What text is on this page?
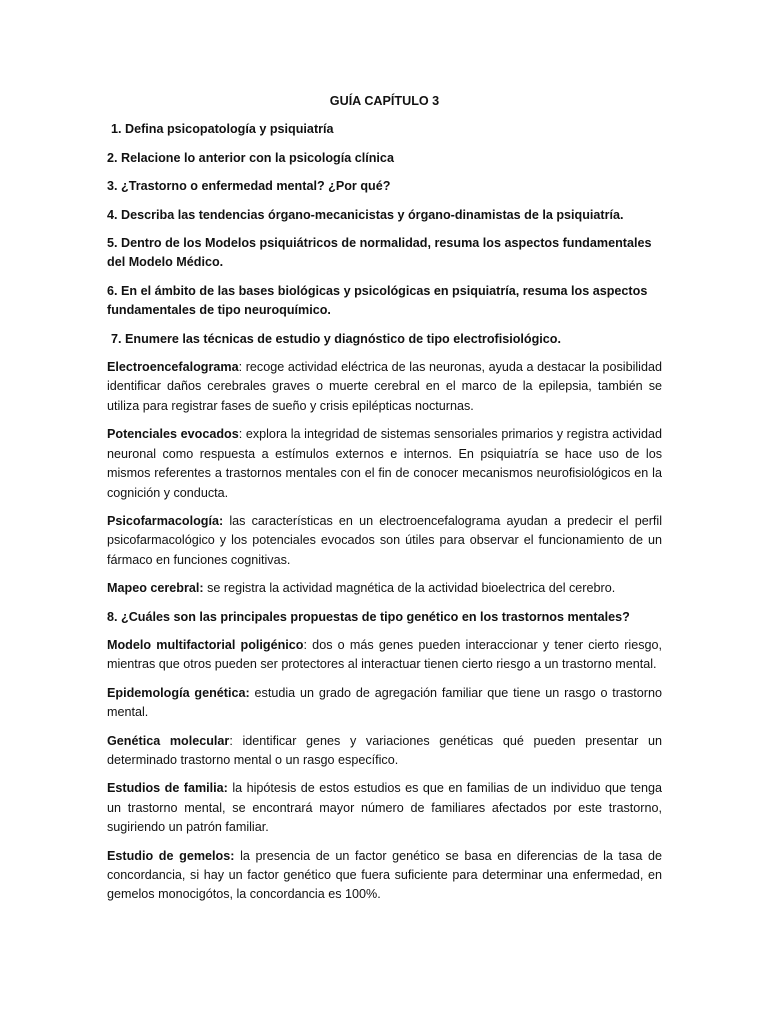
GUÍA CAPÍTULO 3
1. Defina psicopatología y psiquiatría
2. Relacione lo anterior con la psicología clínica
3. ¿Trastorno o enfermedad mental? ¿Por qué?
4. Describa las tendencias órgano-mecanicistas y órgano-dinamistas de la psiquiatría.
5. Dentro de los Modelos psiquiátricos de normalidad, resuma los aspectos fundamentales del Modelo Médico.
6. En el ámbito de las bases biológicas y psicológicas en psiquiatría, resuma los aspectos fundamentales de tipo neuroquímico.
7. Enumere las técnicas de estudio y diagnóstico de tipo electrofisiológico.

Electroencefalograma: recoge actividad eléctrica de las neuronas, ayuda a destacar la posibilidad identificar daños cerebrales graves o muerte cerebral en el marco de la epilepsia, también se utiliza para registrar fases de sueño y crisis epilépticas nocturnas.

Potenciales evocados: explora la integridad de sistemas sensoriales primarios y registra actividad neuronal como respuesta a estímulos externos e internos. En psiquiatría se hace uso de los mismos referentes a trastornos mentales con el fin de conocer mecanismos neurofisiológicos en la cognición y conducta.

Psicofarmacología: las características en un electroencefalograma ayudan a predecir el perfil psicofarmacológico y los potenciales evocados son útiles para observar el funcionamiento de un fármaco en funciones cognitivas.

Mapeo cerebral: se registra la actividad magnética de la actividad bioelectrica del cerebro.

8. ¿Cuáles son las principales propuestas de tipo genético en los trastornos mentales?

Modelo multifactorial poligénico: dos o más genes pueden interaccionar y tener cierto riesgo, mientras que otros pueden ser protectores al interactuar tienen cierto riesgo a un trastorno mental.

Epidemología genética: estudia un grado de agregación familiar que tiene un rasgo o trastorno mental.

Genética molecular: identificar genes y variaciones genéticas qué pueden presentar un determinado trastorno mental o un rasgo específico.

Estudios de familia: la hipótesis de estos estudios es que en familias de un individuo que tenga un trastorno mental, se encontrará mayor número de familiares afectados por este trastorno, sugiriendo un patrón familiar.

Estudio de gemelos: la presencia de un factor genético se basa en diferencias de la tasa de concordancia, si hay un factor genético que fuera suficiente para determinar una enfermedad, en gemelos monocigótos, la concordancia es 100%.
